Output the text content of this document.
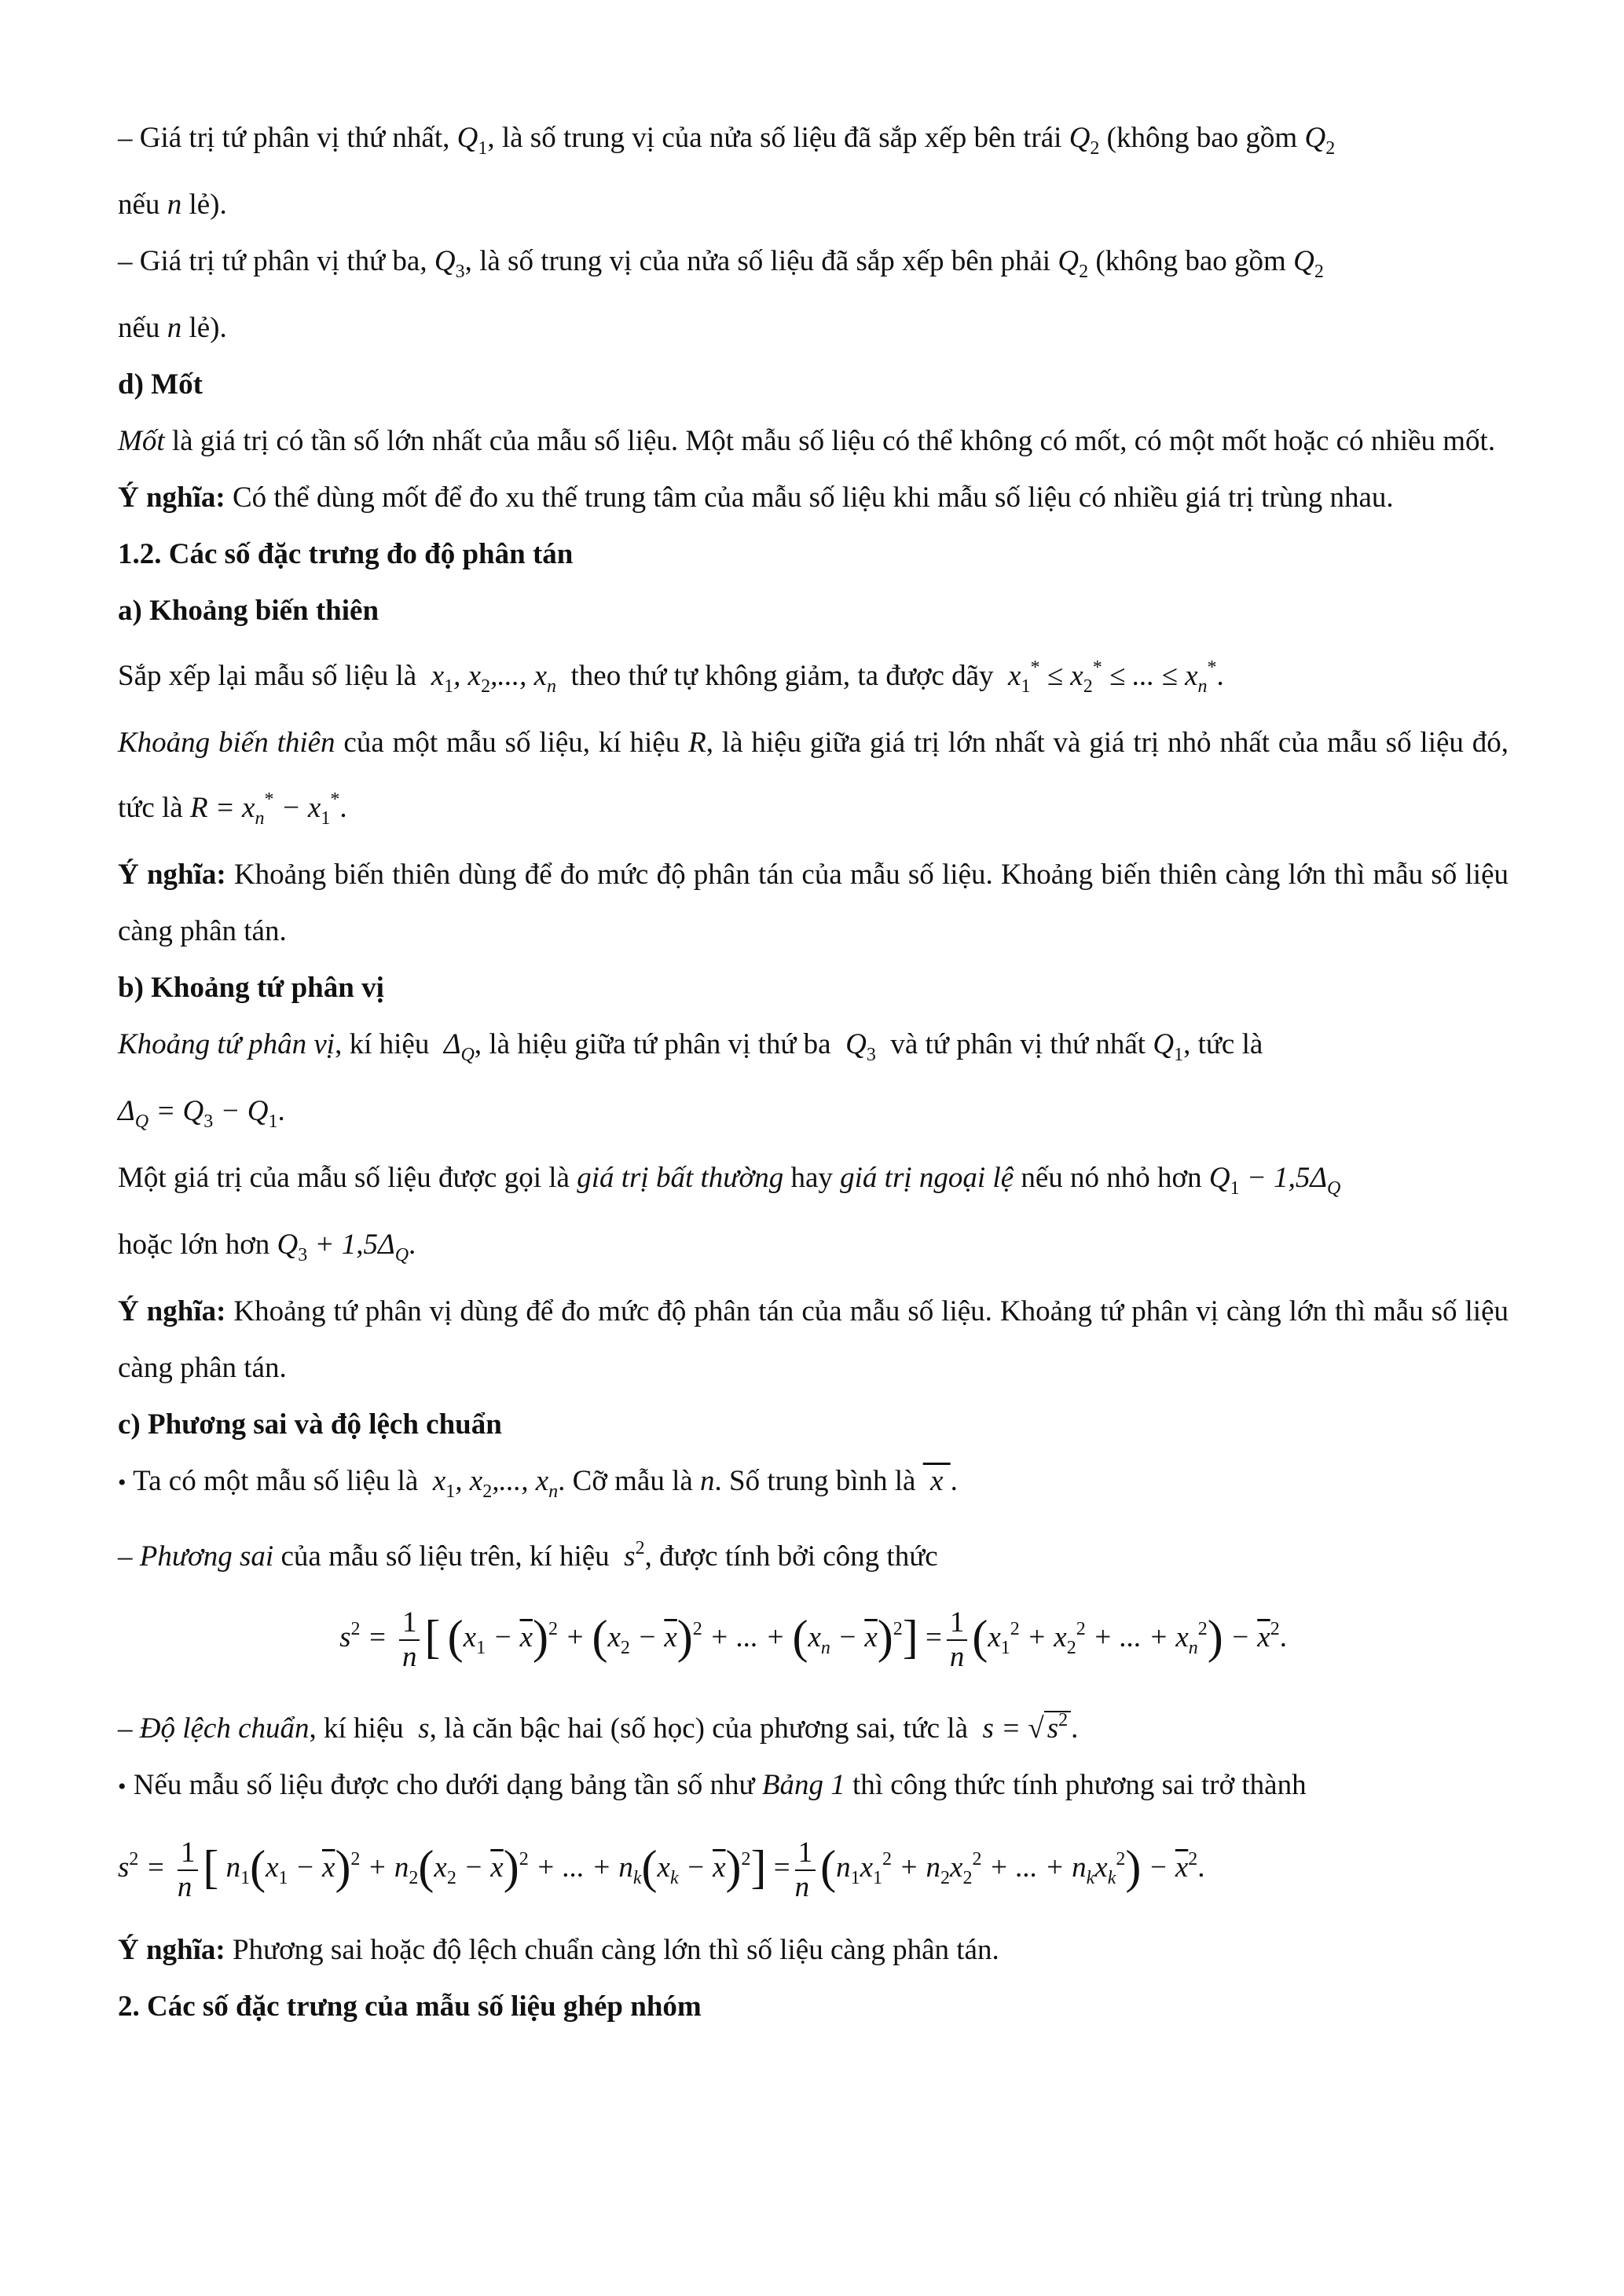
– Giá trị tứ phân vị thứ nhất, $Q_1$, là số trung vị của nửa số liệu đã sắp xếp bên trái $Q_2$ (không bao gồm $Q_2$
nếu n lẻ).
– Giá trị tứ phân vị thứ ba, $Q_3$, là số trung vị của nửa số liệu đã sắp xếp bên phải $Q_2$ (không bao gồm $Q_2$
nếu n lẻ).
d) Mốt
Mốt là giá trị có tần số lớn nhất của mẫu số liệu. Một mẫu số liệu có thể không có mốt, có một mốt hoặc có nhiều mốt.
Ý nghĩa: Có thể dùng mốt để đo xu thế trung tâm của mẫu số liệu khi mẫu số liệu có nhiều giá trị trùng nhau.
1.2. Các số đặc trưng đo độ phân tán
a) Khoảng biến thiên
Sắp xếp lại mẫu số liệu là  $x_1$, $x_2$,..., $x_n$ theo thứ tự không giảm, ta được dãy  $x_1^* \le x_2^*$ ≤ ... ≤ $x_n^*$.
Khoảng biến thiên của một mẫu số liệu, kí hiệu R, là hiệu giữa giá trị lớn nhất và giá trị nhỏ nhất của mẫu số liệu đó, tức là $R = x_n^* - x_1^*$.
Ý nghĩa: Khoảng biến thiên dùng để đo mức độ phân tán của mẫu số liệu. Khoảng biến thiên càng lớn thì mẫu số liệu càng phân tán.
b) Khoảng tứ phân vị
Khoảng tứ phân vị, kí hiệu  $\Delta_Q$, là hiệu giữa tứ phân vị thứ ba  $Q_3$ và tứ phân vị thứ nhất $Q_1$, tức là
$\Delta_Q = Q_3 - Q_1$.
Một giá trị của mẫu số liệu được gọi là giá trị bất thường hay giá trị ngoại lệ nếu nó nhỏ hơn $Q_1 - 1,5\Delta_Q$
hoặc lớn hơn $Q_3 + 1,5\Delta_Q$.
Ý nghĩa: Khoảng tứ phân vị dùng để đo mức độ phân tán của mẫu số liệu. Khoảng tứ phân vị càng lớn thì mẫu số liệu càng phân tán.
c) Phương sai và độ lệch chuẩn
• Ta có một mẫu số liệu là  $x_1$, $x_2$,..., $x_n$. Cỡ mẫu là n. Số trung bình là  x .
– Phương sai của mẫu số liệu trên, kí hiệu  $s^2$, được tính bởi công thức
$s^2 = \frac{1}{n}$ [ $(x_1 - \overline{x})^2 + (x_2 - \overline{x})^2$ + ... + $(x_n - \overline{x})^2] = \frac{1}{n} (x_1^2 + x_2^2$ + ... + $x_n^2) - \overline{x}^2$.
– Độ lệch chuẩn, kí hiệu  s, là căn bậc hai (số học) của phương sai, tức là  s = √ $s^2$ .
• Nếu mẫu số liệu được cho dưới dạng bảng tần số như Bảng 1 thì công thức tính phương sai trở thành
$s^2 = \frac{1}{n}$ [ $n_1(x_1 - \overline{x})^2 + n_2(x_2 - \overline{x})^2$ + ... + $n_k(x_k - \overline{x})^2] = \frac{1}{n} (n_1x_1^2 + n_2x_2^2$ + ... + $n_kx_k^2) - \overline{x}^2$.
Ý nghĩa: Phương sai hoặc độ lệch chuẩn càng lớn thì số liệu càng phân tán.
2. Các số đặc trưng của mẫu số liệu ghép nhóm
